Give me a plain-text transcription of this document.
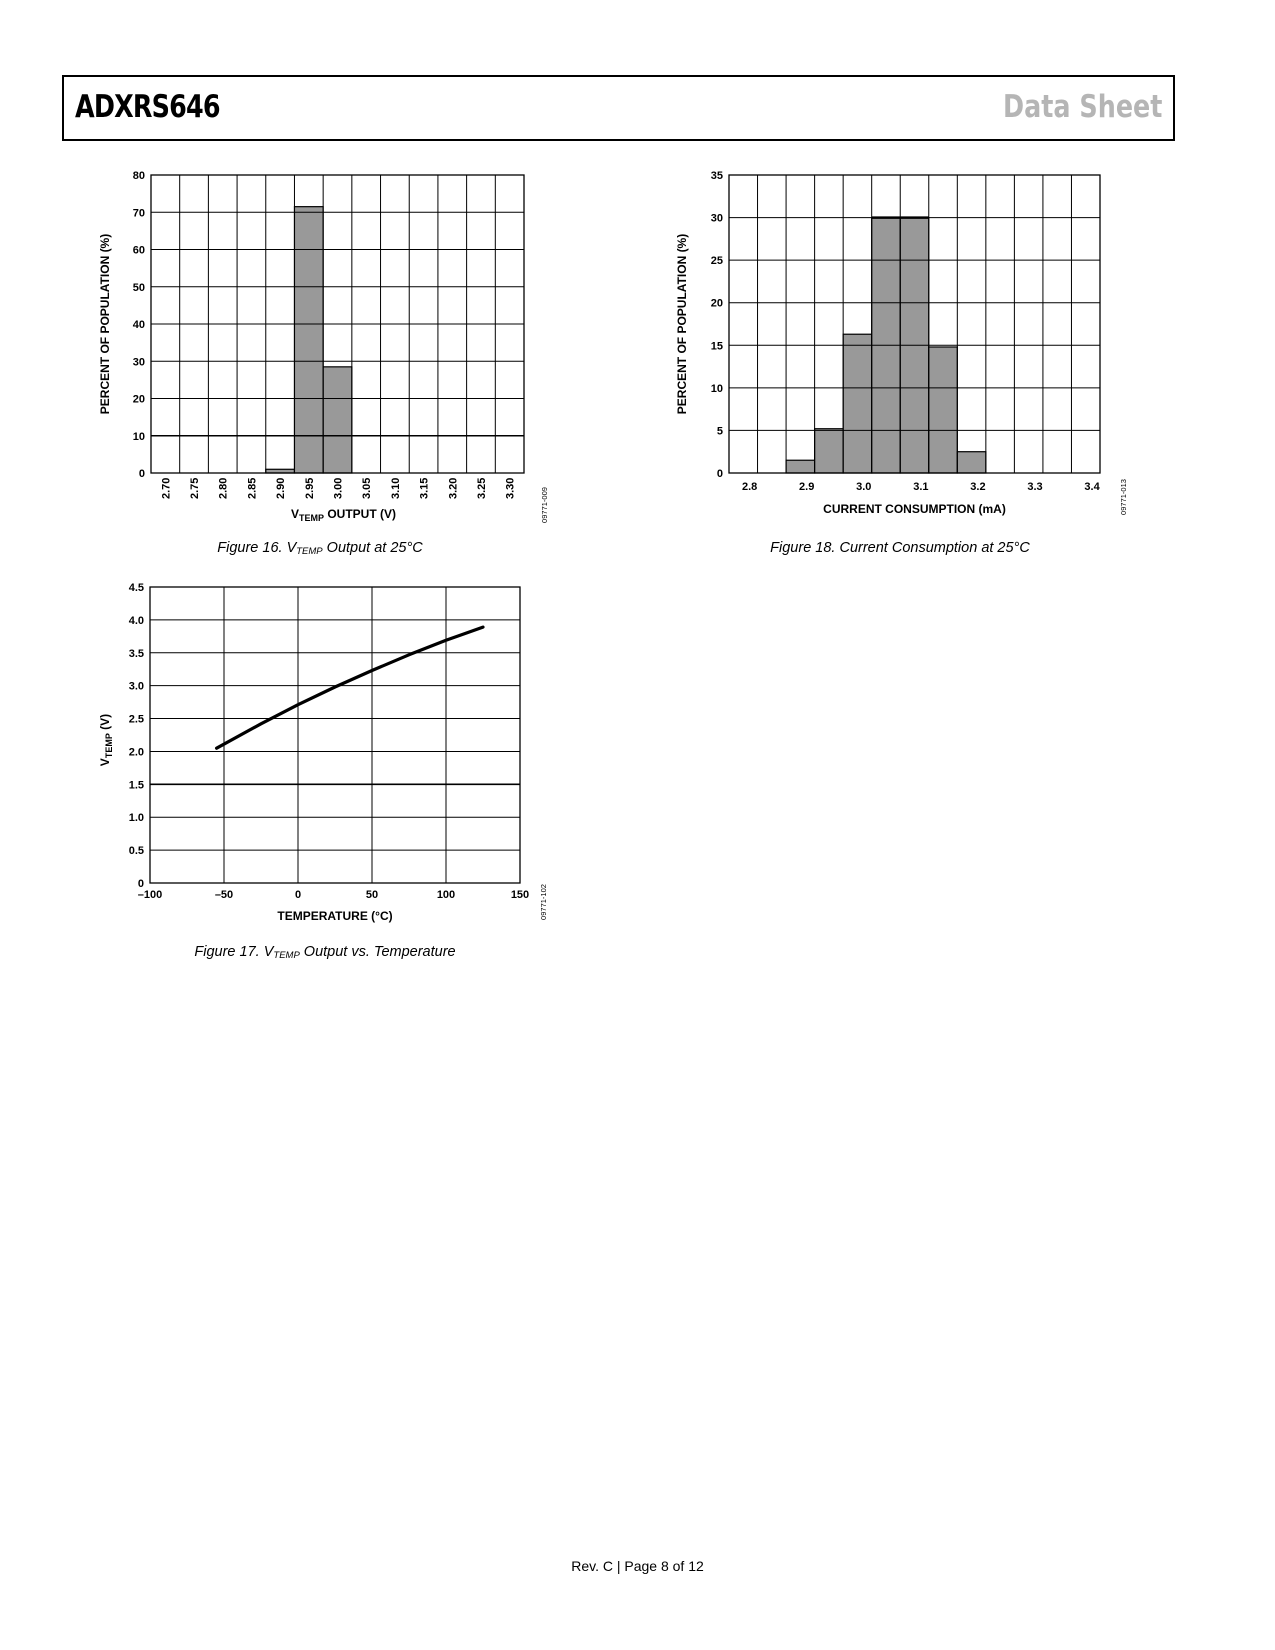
ADXRS646	Data Sheet
0
10
20
30
40
50
60
70
80
2.70 2.75 2.80 2.85 2.90 2.95 3.00 3.05 3.10 3.15 3.20 3.25 3.30
PERCENT OF POPULATION (%)
$V_{TEMP}$ OUTPUT (V)	09771-009
Figure 16. $V_{TEMP}$ Output at 25°C
0
0.5
1.0
1.5
2.0
2.5
3.0
3.5
4.0
4.5
–100	–50	0	50	100	150
TEMPERATURE (°C)
$V_{TEMP}$ (V)
09771-102
Figure 17. $V_{TEMP}$ Output vs. Temperature
0
5
10
15
20
25
30
35
2.8	2.9	3.0	3.1	3.2	3.3	3.4
CURRENT CONSUMPTION (mA)
PERCENT OF POPULATION (%)
09771-013
Figure 18. Current Consumption at 25°C
Rev. C | Page 8 of 12
